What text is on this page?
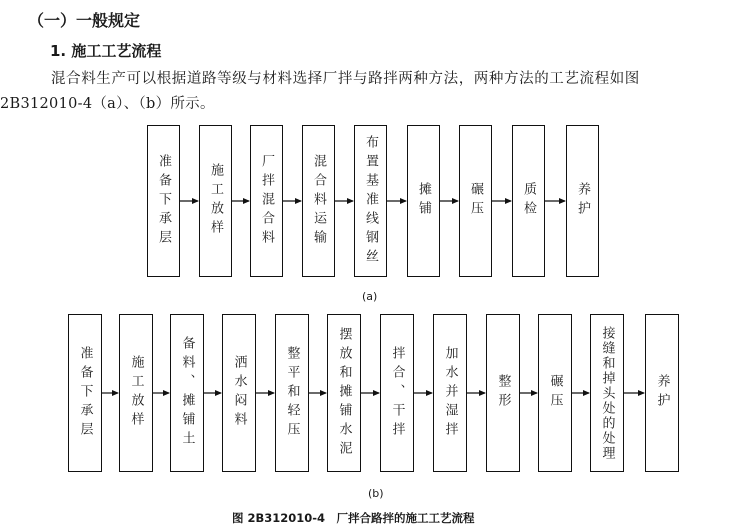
（一）一般规定
1. 施工工艺流程
混合料生产可以根据道路等级与材料选择厂拌与路拌两种方法，两种方法的工艺流程如图
2B312010-4（a）、（b）所示。
准备下承层	施工放样	厂拌混合料	混合料运输	布置基准线钢丝	摊铺	碾压	质检	养护
(a)
准备下承层	施工放样	备料、摊铺土	洒水闷料	整平和轻压	摆放和摊铺水泥	拌合、干拌	加水并湿拌	整形	碾压	接缝和掉头处的处理	养护
(b)
图 2B312010-4　厂拌合路拌的施工工艺流程
